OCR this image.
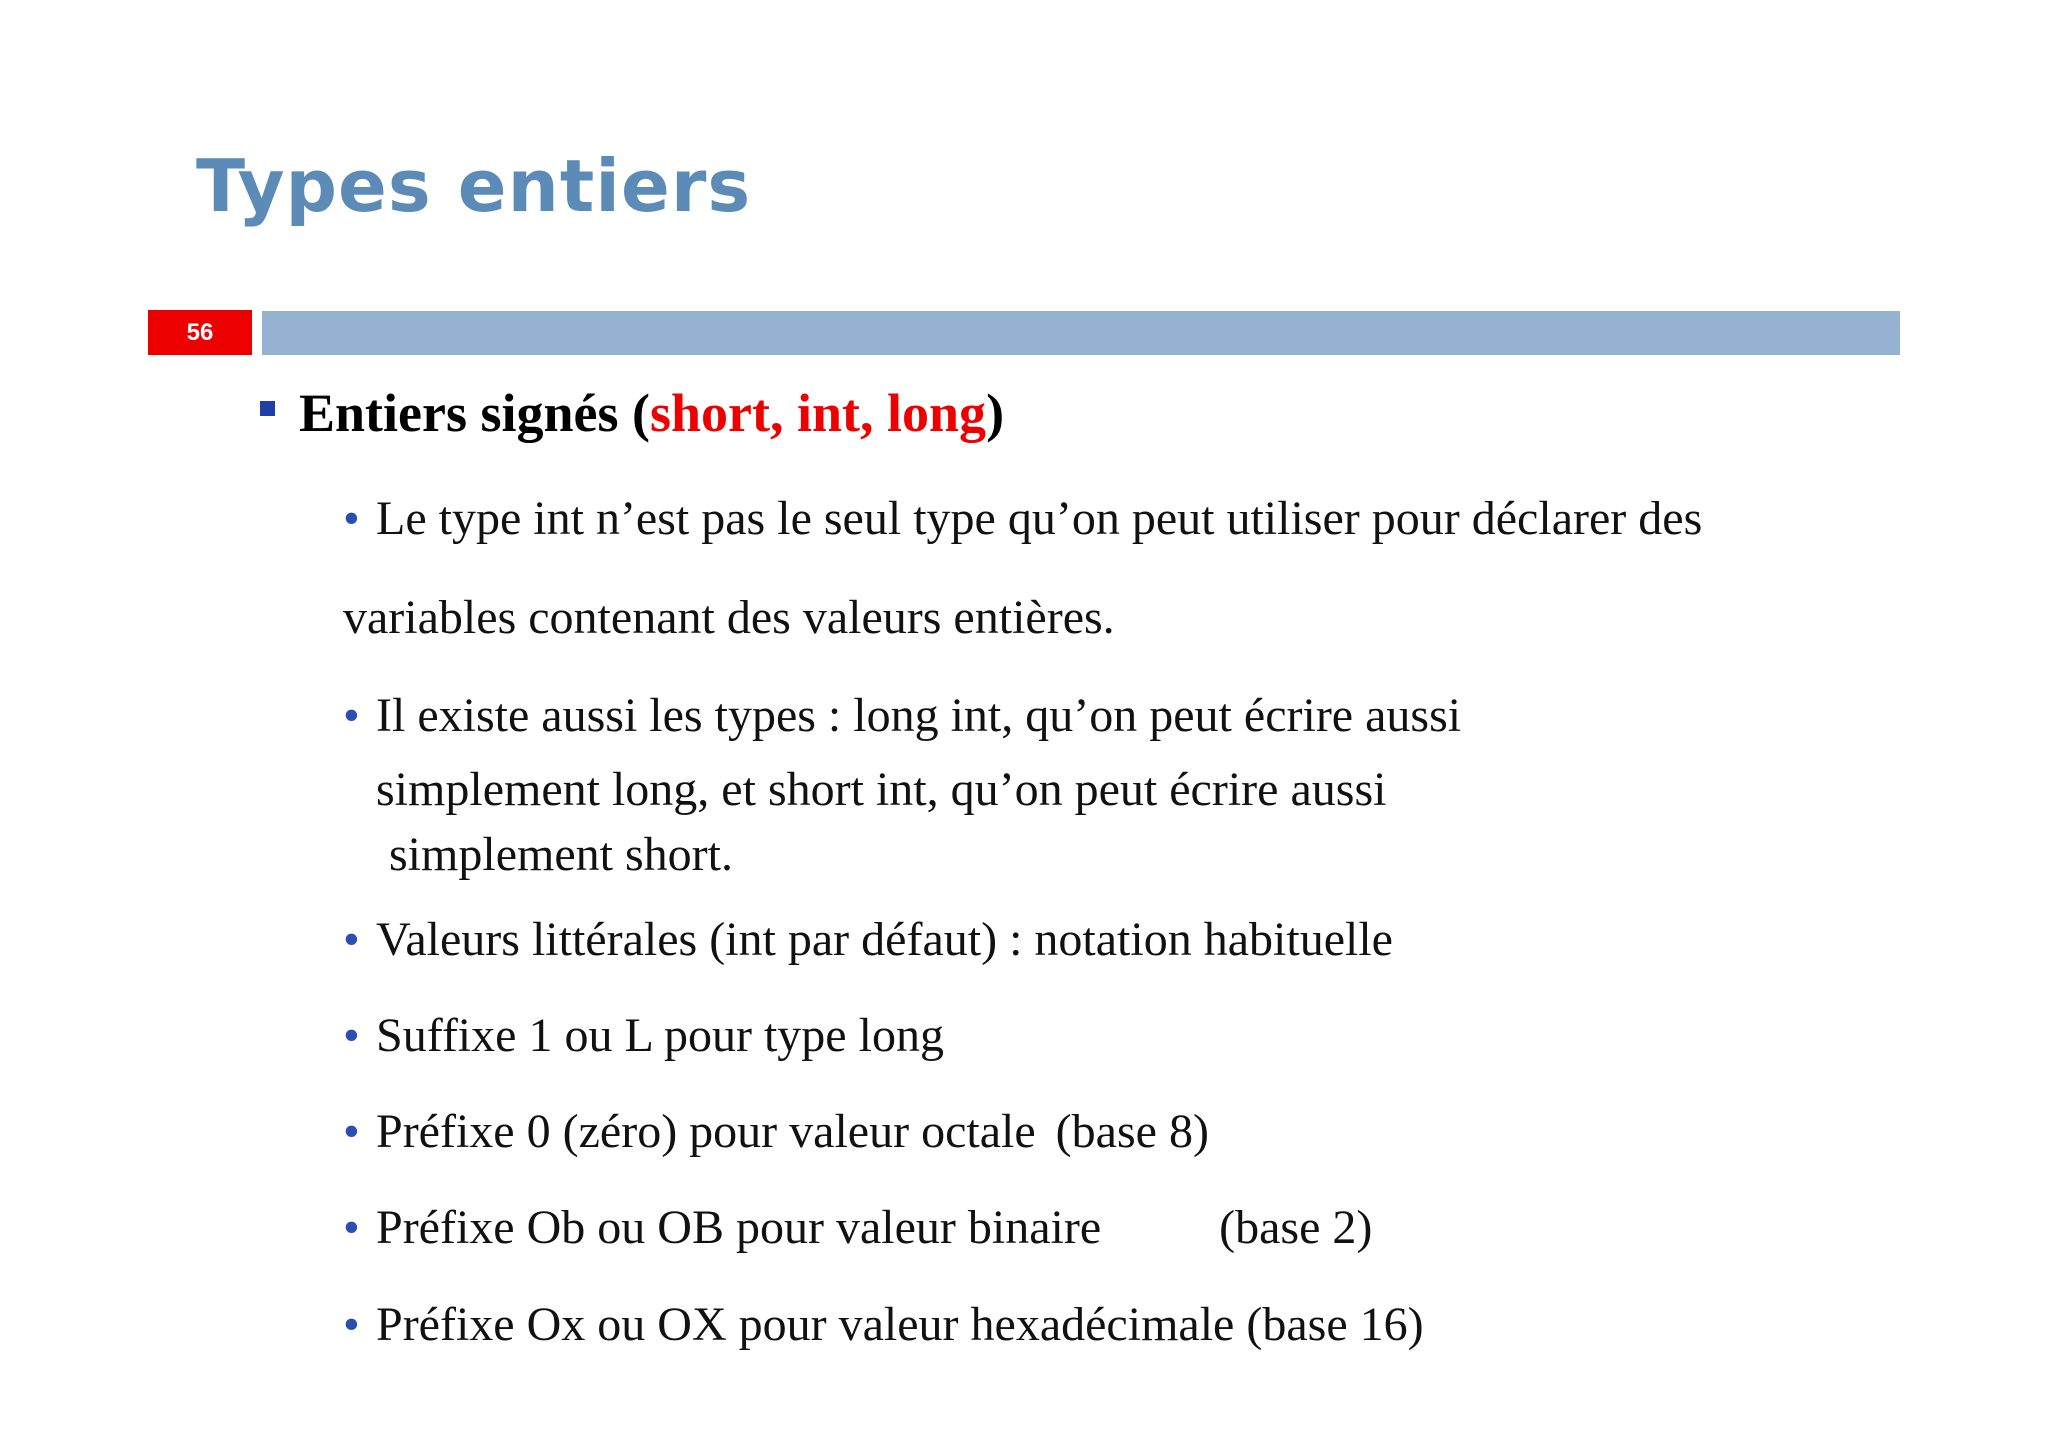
Types entiers
56
Entiers signés (short, int, long)
• Le type int n’est pas le seul type qu’on peut utiliser pour déclarer des
variables contenant des valeurs entières.
• Il existe aussi les types : long int, qu’on peut écrire aussi
simplement long, et short int, qu’on peut écrire aussi
simplement short.
• Valeurs littérales (int par défaut) : notation habituelle
• Suffixe 1 ou L pour type long
• Préfixe 0 (zéro) pour valeur octale (base 8)
• Préfixe Ob ou OB pour valeur binaire (base 2)
• Préfixe Ox ou OX pour valeur hexadécimale (base 16)
